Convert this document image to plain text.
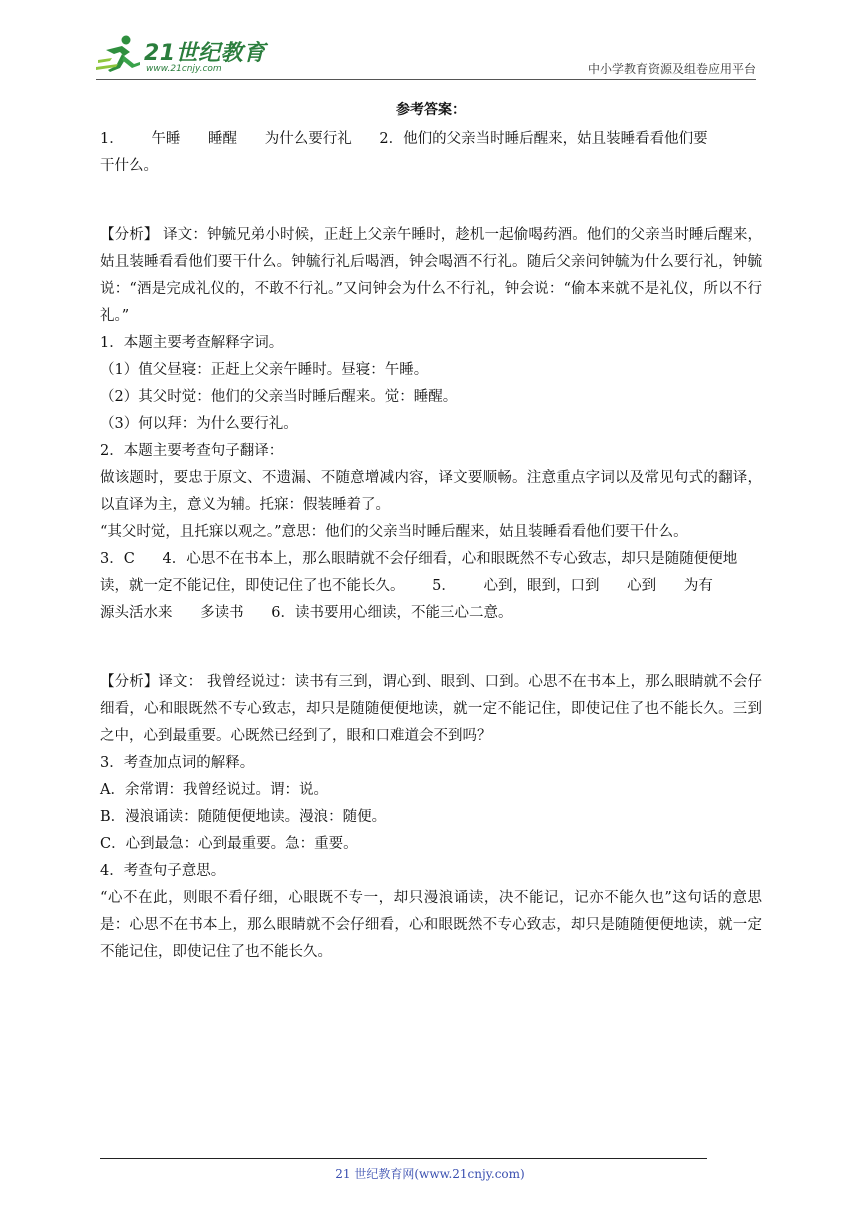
21世纪教育
www.21cnjy.com	中小学教育资源及组卷应用平台
参考答案：
1．      午睡      睡醒      为什么要行礼      2．他们的父亲当时睡后醒来，姑且装睡看看他们要
干什么。

【分析】 译文：钟毓兄弟小时候，正赶上父亲午睡时，趁机一起偷喝药酒。他们的父亲当时睡后醒来，姑且装睡看看他们要干什么。钟毓行礼后喝酒，钟会喝酒不行礼。随后父亲问钟毓为什么要行礼，钟毓说：“酒是完成礼仪的，不敢不行礼。”又问钟会为什么不行礼，钟会说：“偷本来就不是礼仪，所以不行礼。”

1．本题主要考查解释字词。

（1）值父昼寝：正赶上父亲午睡时。昼寝：午睡。

（2）其父时觉：他们的父亲当时睡后醒来。觉：睡醒。

（3）何以拜：为什么要行礼。

2．本题主要考查句子翻译：

做该题时，要忠于原文、不遗漏、不随意增减内容，译文要顺畅。注意重点字词以及常见句式的翻译，以直译为主，意义为辅。托寐：假装睡着了。

“其父时觉，且托寐以观之。”意思：他们的父亲当时睡后醒来，姑且装睡看看他们要干什么。

3．C      4．心思不在书本上，那么眼睛就不会仔细看，心和眼既然不专心致志，却只是随随便便地
读，就一定不能记住，即使记住了也不能长久。      5．      心到，眼到，口到      心到      为有
源头活水来      多读书      6．读书要用心细读，不能三心二意。

【分析】译文： 我曾经说过：读书有三到，谓心到、眼到、口到。心思不在书本上，那么眼睛就不会仔细看，心和眼既然不专心致志，却只是随随便便地读，就一定不能记住，即使记住了也不能长久。三到之中，心到最重要。心既然已经到了，眼和口难道会不到吗？

3．考查加点词的解释。

A．余常谓：我曾经说过。谓：说。

B．漫浪诵读：随随便便地读。漫浪：随便。

C．心到最急：心到最重要。急：重要。

4．考查句子意思。

“心不在此，则眼不看仔细，心眼既不专一，却只漫浪诵读，决不能记，记亦不能久也”这句话的意思是：心思不在书本上，那么眼睛就不会仔细看，心和眼既然不专心致志，却只是随随便便地读，就一定不能记住，即使记住了也不能长久。

21 世纪教育网(www.21cnjy.com)
